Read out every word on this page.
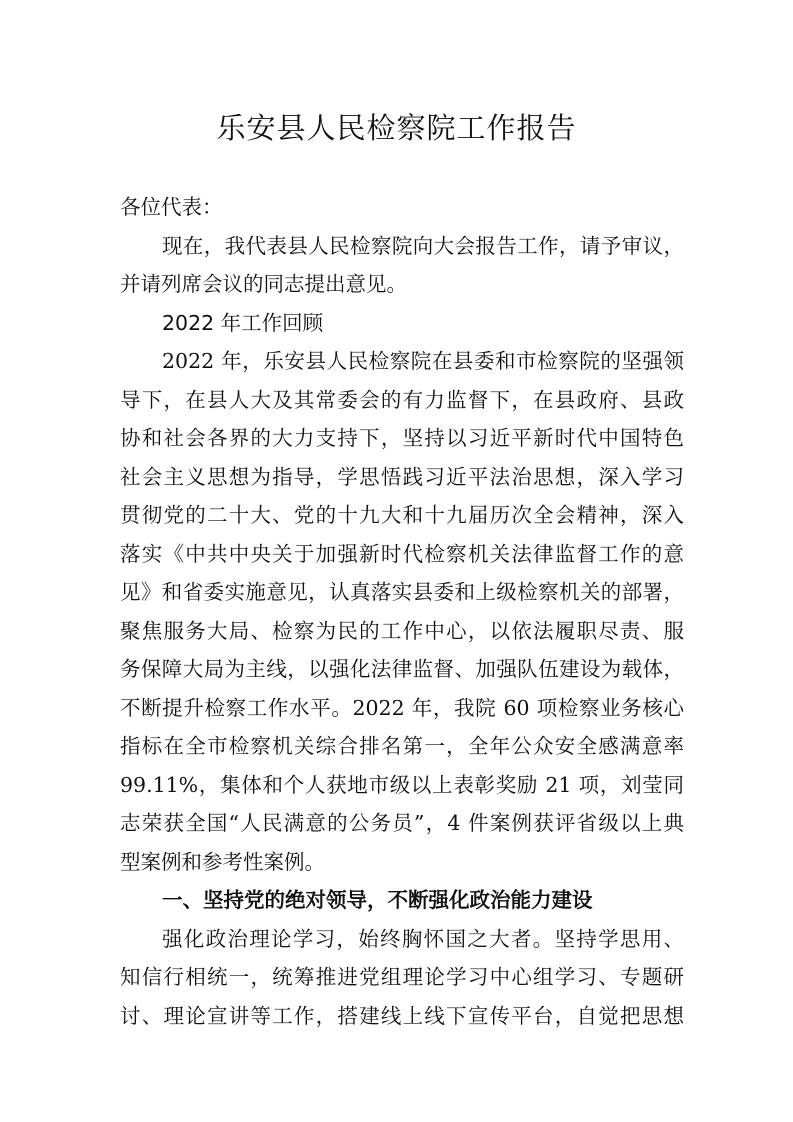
乐安县人民检察院工作报告
各位代表：
现在，我代表县人民检察院向大会报告工作，请予审议，
并请列席会议的同志提出意见。
2022 年工作回顾
2022 年，乐安县人民检察院在县委和市检察院的坚强领
导下，在县人大及其常委会的有力监督下，在县政府、县政
协和社会各界的大力支持下，坚持以习近平新时代中国特色
社会主义思想为指导，学思悟践习近平法治思想，深入学习
贯彻党的二十大、党的十九大和十九届历次全会精神，深入
落实《中共中央关于加强新时代检察机关法律监督工作的意
见》和省委实施意见，认真落实县委和上级检察机关的部署，
聚焦服务大局、检察为民的工作中心，以依法履职尽责、服
务保障大局为主线，以强化法律监督、加强队伍建设为载体，
不断提升检察工作水平。2022 年，我院 60 项检察业务核心
指标在全市检察机关综合排名第一，全年公众安全感满意率
99.11%，集体和个人获地市级以上表彰奖励 21 项，刘莹同
志荣获全国“人民满意的公务员”，4 件案例获评省级以上典
型案例和参考性案例。
一、坚持党的绝对领导，不断强化政治能力建设
强化政治理论学习，始终胸怀国之大者。坚持学思用、
知信行相统一，统筹推进党组理论学习中心组学习、专题研
讨、理论宣讲等工作，搭建线上线下宣传平台，自觉把思想
